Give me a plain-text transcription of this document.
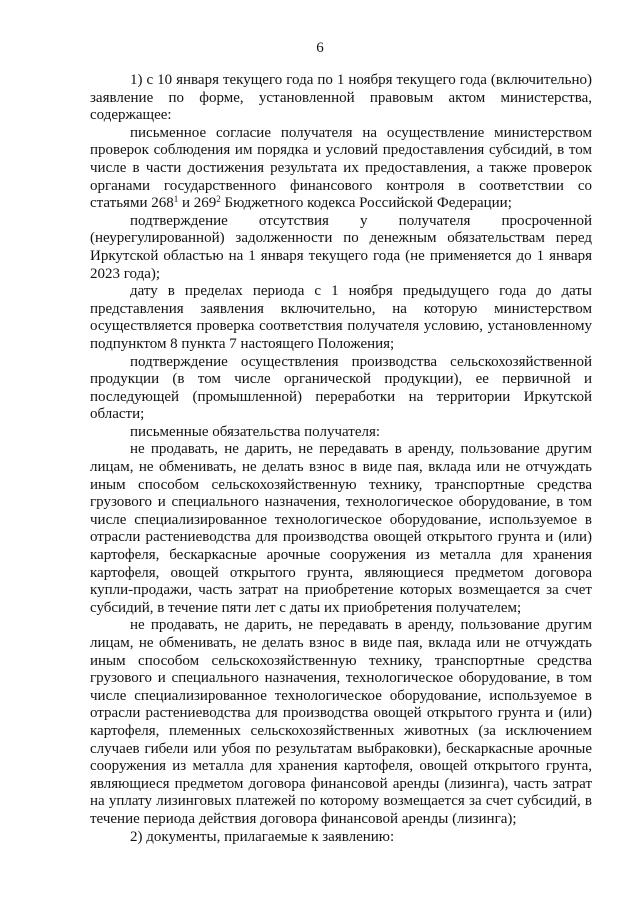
6

1) с 10 января текущего года по 1 ноября текущего года (включительно) заявление по форме, установленной правовым актом министерства, содержащее:

письменное согласие получателя на осуществление министерством проверок соблюдения им порядка и условий предоставления субсидий, в том числе в части достижения результата их предоставления, а также проверок органами государственного финансового контроля в соответствии со статьями $268^1$ и $269^2$ Бюджетного кодекса Российской Федерации;

подтверждение отсутствия у получателя просроченной (неурегулированной) задолженности по денежным обязательствам перед Иркутской областью на 1 января текущего года (не применяется до 1 января 2023 года);

дату в пределах периода с 1 ноября предыдущего года до даты представления заявления включительно, на которую министерством осуществляется проверка соответствия получателя условию, установленному подпунктом 8 пункта 7 настоящего Положения;

подтверждение осуществления производства сельскохозяйственной продукции (в том числе органической продукции), ее первичной и последующей (промышленной) переработки на территории Иркутской области;

письменные обязательства получателя:

не продавать, не дарить, не передавать в аренду, пользование другим лицам, не обменивать, не делать взнос в виде пая, вклада или не отчуждать иным способом сельскохозяйственную технику, транспортные средства грузового и специального назначения, технологическое оборудование, в том числе специализированное технологическое оборудование, используемое в отрасли растениеводства для производства овощей открытого грунта и (или) картофеля, бескаркасные арочные сооружения из металла для хранения картофеля, овощей открытого грунта, являющиеся предметом договора купли-продажи, часть затрат на приобретение которых возмещается за счет субсидий, в течение пяти лет с даты их приобретения получателем;

не продавать, не дарить, не передавать в аренду, пользование другим лицам, не обменивать, не делать взнос в виде пая, вклада или не отчуждать иным способом сельскохозяйственную технику, транспортные средства грузового и специального назначения, технологическое оборудование, в том числе специализированное технологическое оборудование, используемое в отрасли растениеводства для производства овощей открытого грунта и (или) картофеля, племенных сельскохозяйственных животных (за исключением случаев гибели или убоя по результатам выбраковки), бескаркасные арочные сооружения из металла для хранения картофеля, овощей открытого грунта, являющиеся предметом договора финансовой аренды (лизинга), часть затрат на уплату лизинговых платежей по которому возмещается за счет субсидий, в течение периода действия договора финансовой аренды (лизинга);

2) документы, прилагаемые к заявлению:
